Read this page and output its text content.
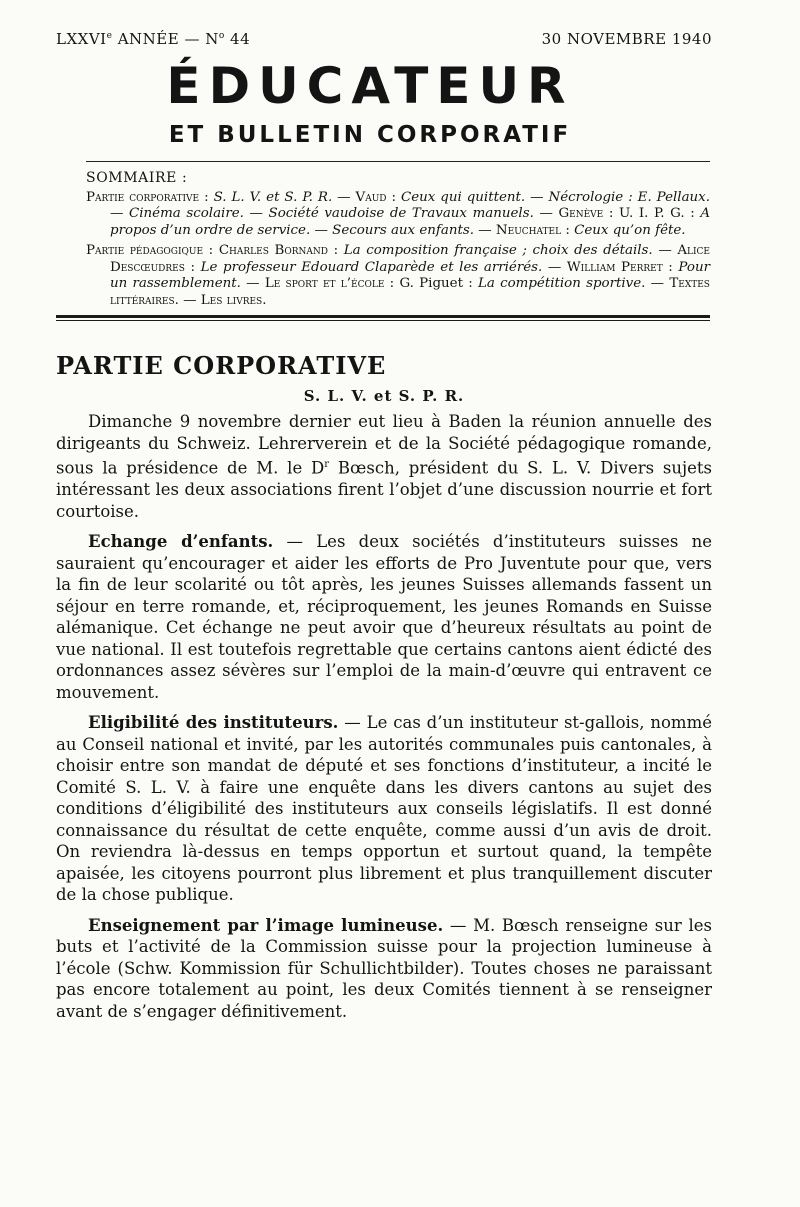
LXXVIe ANNÉE — $N^o$ 44	30 NOVEMBRE 1940
ÉDUCATEUR
ET BULLETIN CORPORATIF
SOMMAIRE :

Partie corporative : S. L. V. et S. P. R. — Vaud : Ceux qui quittent. — Nécrologie : E. Pellaux. — Cinéma scolaire. — Société vaudoise de Travaux manuels. — Genève : U. I. P. G. : A propos d’un ordre de service. — Secours aux enfants. — Neuchatel : Ceux qu’on fête.

Partie pédagogique : Charles Bornand : La composition française ; choix des détails. — Alice Descœudres : Le professeur Edouard Claparède et les arriérés. — William Perret : Pour un rassemblement. — Le sport et l’école : G. Piguet : La compétition sportive. — Textes littéraires. — Les livres.

PARTIE CORPORATIVE
S. L. V. et S. P. R.

Dimanche 9 novembre dernier eut lieu à Baden la réunion annuelle des dirigeants du Schweiz. Lehrerverein et de la Société pédagogique romande, sous la présidence de M. le $D^r$ Bœsch, président du S. L. V. Divers sujets intéressant les deux associations firent l’objet d’une discussion nourrie et fort courtoise.

Echange d’enfants. — Les deux sociétés d’instituteurs suisses ne sauraient qu’encourager et aider les efforts de Pro Juventute pour que, vers la fin de leur scolarité ou tôt après, les jeunes Suisses allemands fassent un séjour en terre romande, et, réciproquement, les jeunes Romands en Suisse alémanique. Cet échange ne peut avoir que d’heureux résultats au point de vue national. Il est toutefois regrettable que certains cantons aient édicté des ordonnances assez sévères sur l’emploi de la main-d’œuvre qui entravent ce mouvement.

Eligibilité des instituteurs. — Le cas d’un instituteur st-gallois, nommé au Conseil national et invité, par les autorités communales puis cantonales, à choisir entre son mandat de député et ses fonctions d’instituteur, a incité le Comité S. L. V. à faire une enquête dans les divers cantons au sujet des conditions d’éligibilité des instituteurs aux conseils législatifs. Il est donné connaissance du résultat de cette enquête, comme aussi d’un avis de droit. On reviendra là-dessus en temps opportun et surtout quand, la tempête apaisée, les citoyens pourront plus librement et plus tranquillement discuter de la chose publique.

Enseignement par l’image lumineuse. — M. Bœsch renseigne sur les buts et l’activité de la Commission suisse pour la projection lumineuse à l’école (Schw. Kommission für Schullichtbilder). Toutes choses ne paraissant pas encore totalement au point, les deux Comités tiennent à se renseigner avant de s’engager définitivement.
